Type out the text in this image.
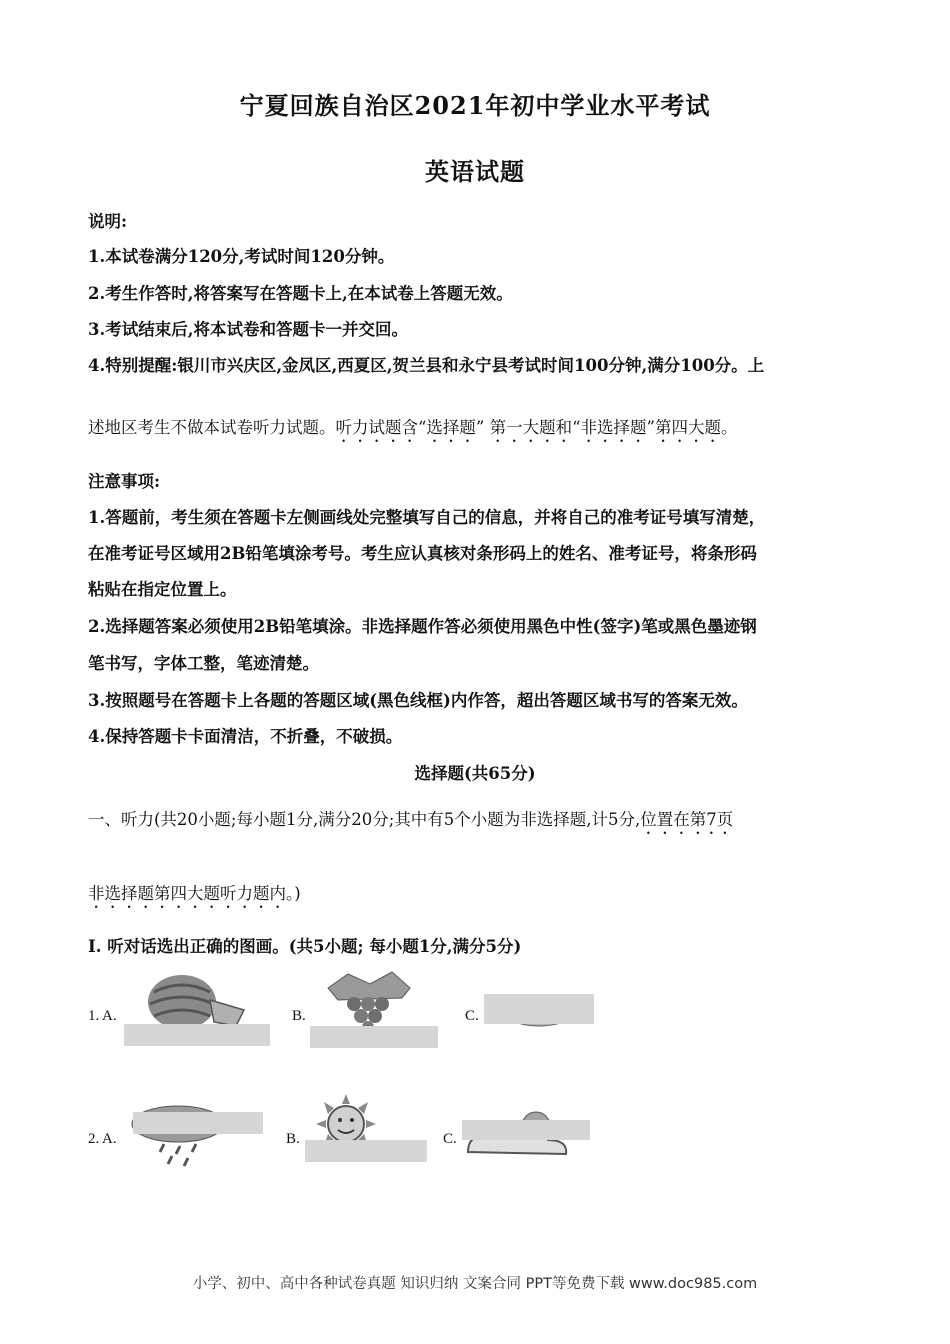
宁夏回族自治区2021年初中学业水平考试
英语试题
说明:
1.本试卷满分120分,考试时间120分钟。
2.考生作答时,将答案写在答题卡上,在本试卷上答题无效。
3.考试结束后,将本试卷和答题卡一并交回。
4.特别提醒:银川市兴庆区,金凤区,西夏区,贺兰县和永宁县考试时间100分钟,满分100分。上
述地区考生不做本试卷听力试题。听力试题含“选择题” 第一大题和“非选择题”第四大题。
注意事项:
1.答题前，考生须在答题卡左侧画线处完整填写自己的信息，并将自己的准考证号填写清楚，
在准考证号区域用2B铅笔填涂考号。考生应认真核对条形码上的姓名、准考证号，将条形码
粘贴在指定位置上。
2.选择题答案必须使用2B铅笔填涂。非选择题作答必须使用黑色中性(签字)笔或黑色墨迹钢
笔书写，字体工整，笔迹清楚。
3.按照题号在答题卡上各题的答题区域(黑色线框)内作答，超出答题区域书写的答案无效。
4.保持答题卡卡面清洁，不折叠，不破损。
选择题(共65分)
一、听力(共20小题;每小题1分,满分20分;其中有5个小题为非选择题,计5分,位置在第7页
非选择题第四大题听力题内。)
I. 听对话选出正确的图画。(共5小题; 每小题1分,满分5分)
1. A.	B.	C.
2. A.	B.	C.
小学、初中、高中各种试卷真题 知识归纳 文案合同 PPT等免费下载 www.doc985.com
